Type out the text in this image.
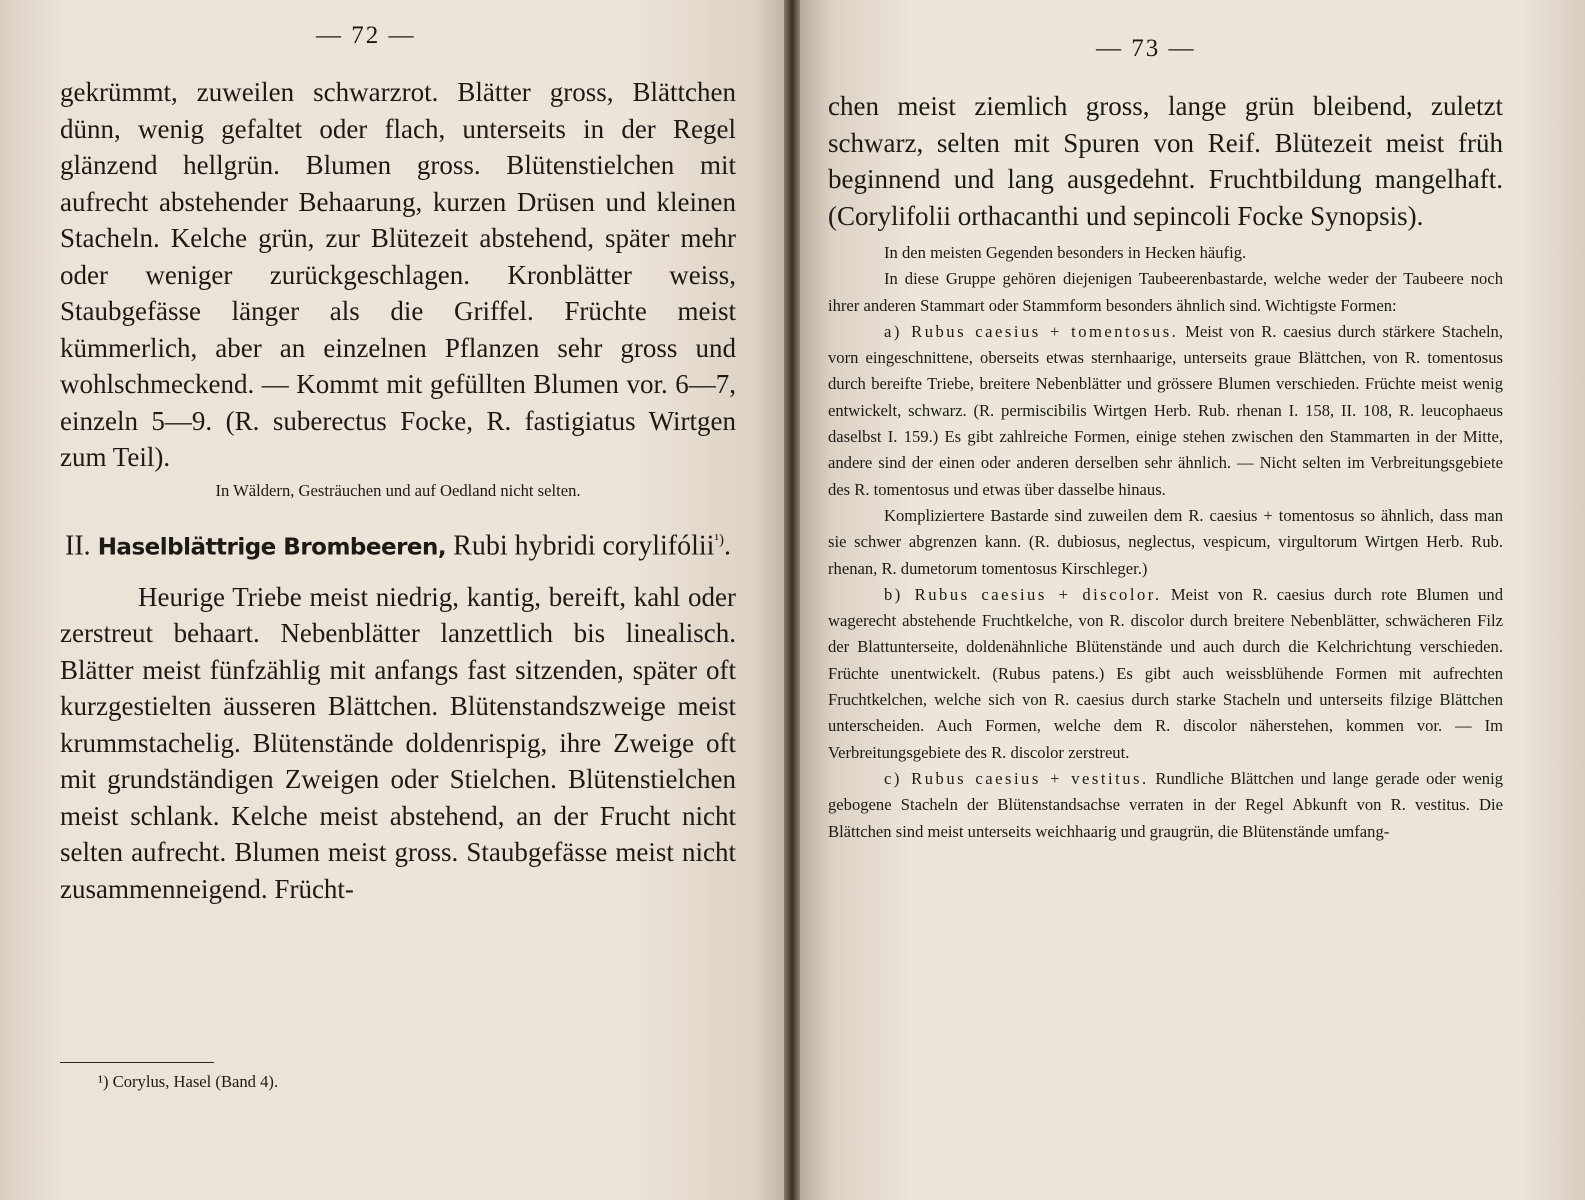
— 72 —

gekrümmt, zuweilen schwarzrot. Blätter gross, Blättchen dünn, wenig gefaltet oder flach, unterseits in der Regel glänzend hellgrün. Blumen gross. Blütenstielchen mit aufrecht abstehender Behaarung, kurzen Drüsen und kleinen Stacheln. Kelche grün, zur Blütezeit abstehend, später mehr oder weniger zurückgeschlagen. Kronblätter weiss, Staubgefässe länger als die Griffel. Früchte meist kümmerlich, aber an einzelnen Pflanzen sehr gross und wohlschmeckend. — Kommt mit gefüllten Blumen vor. 6—7, einzeln 5—9. (R. suberectus Focke, R. fastigiatus Wirtgen zum Teil).

In Wäldern, Gesträuchen und auf Oedland nicht selten.

II. Haselblättrige Brombeeren, Rubi hybridi corylifólii$^{^1)}$.

Heurige Triebe meist niedrig, kantig, bereift, kahl oder zerstreut behaart. Nebenblätter lanzettlich bis linealisch. Blätter meist fünfzählig mit anfangs fast sitzenden, später oft kurzgestielten äusseren Blättchen. Blütenstandszweige meist krummstachelig. Blütenstände doldenrispig, ihre Zweige oft mit grundständigen Zweigen oder Stielchen. Blütenstielchen meist schlank. Kelche meist abstehend, an der Frucht nicht selten aufrecht. Blumen meist gross. Staubgefässe meist nicht zusammenneigend. Frücht-

¹) Corylus, Hasel (Band 4).
— 73 —

chen meist ziemlich gross, lange grün bleibend, zuletzt schwarz, selten mit Spuren von Reif. Blütezeit meist früh beginnend und lang ausgedehnt. Fruchtbildung mangelhaft. (Corylifolii orthacanthi und sepincoli Focke Synopsis).

In den meisten Gegenden besonders in Hecken häufig.

In diese Gruppe gehören diejenigen Taubeerenbastarde, welche weder der Taubeere noch ihrer anderen Stammart oder Stammform besonders ähnlich sind. Wichtigste Formen:

a) Rubus caesius + tomentosus. Meist von R. caesius durch stärkere Stacheln, vorn eingeschnittene, oberseits etwas sternhaarige, unterseits graue Blättchen, von R. tomentosus durch bereifte Triebe, breitere Nebenblätter und grössere Blumen verschieden. Früchte meist wenig entwickelt, schwarz. (R. permiscibilis Wirtgen Herb. Rub. rhenan I. 158, II. 108, R. leucophaeus daselbst I. 159.) Es gibt zahlreiche Formen, einige stehen zwischen den Stammarten in der Mitte, andere sind der einen oder anderen derselben sehr ähnlich. — Nicht selten im Verbreitungsgebiete des R. tomentosus und etwas über dasselbe hinaus.

Kompliziertere Bastarde sind zuweilen dem R. caesius + tomentosus so ähnlich, dass man sie schwer abgrenzen kann. (R. dubiosus, neglectus, vespicum, virgultorum Wirtgen Herb. Rub. rhenan, R. dumetorum tomentosus Kirschleger.)

b) Rubus caesius + discolor. Meist von R. caesius durch rote Blumen und wagerecht abstehende Fruchtkelche, von R. discolor durch breitere Nebenblätter, schwächeren Filz der Blattunterseite, doldenähnliche Blütenstände und auch durch die Kelchrichtung verschieden. Früchte unentwickelt. (Rubus patens.) Es gibt auch weissblühende Formen mit aufrechten Fruchtkelchen, welche sich von R. caesius durch starke Stacheln und unterseits filzige Blättchen unterscheiden. Auch Formen, welche dem R. discolor näherstehen, kommen vor. — Im Verbreitungsgebiete des R. discolor zerstreut.

c) Rubus caesius + vestitus. Rundliche Blättchen und lange gerade oder wenig gebogene Stacheln der Blütenstandsachse verraten in der Regel Abkunft von R. vestitus. Die Blättchen sind meist unterseits weichhaarig und graugrün, die Blütenstände umfang-
